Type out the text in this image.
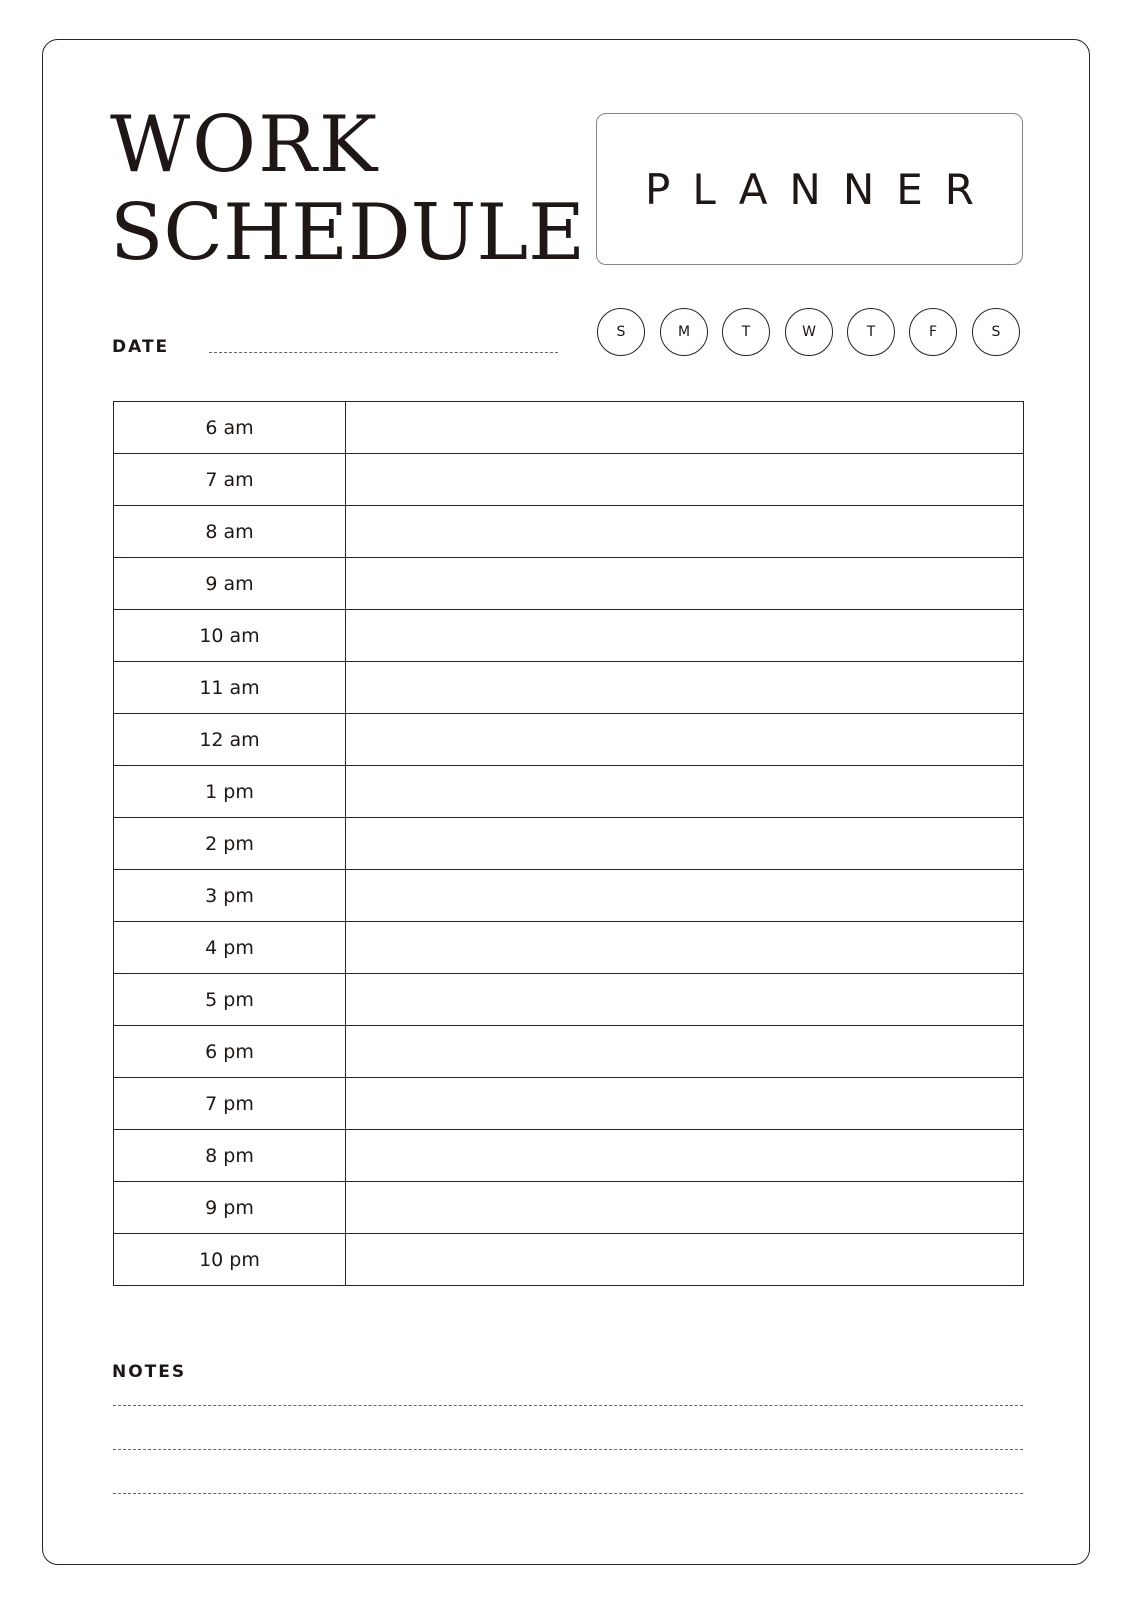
WORK
SCHEDULE	PLANNER
DATE
S	M	T	W	T	F	S
6 am	
7 am	
8 am	
9 am	
10 am	
11 am	
12 am	
1 pm	
2 pm	
3 pm	
4 pm	
5 pm	
6 pm	
7 pm	
8 pm	
9 pm	
10 pm	
NOTES
